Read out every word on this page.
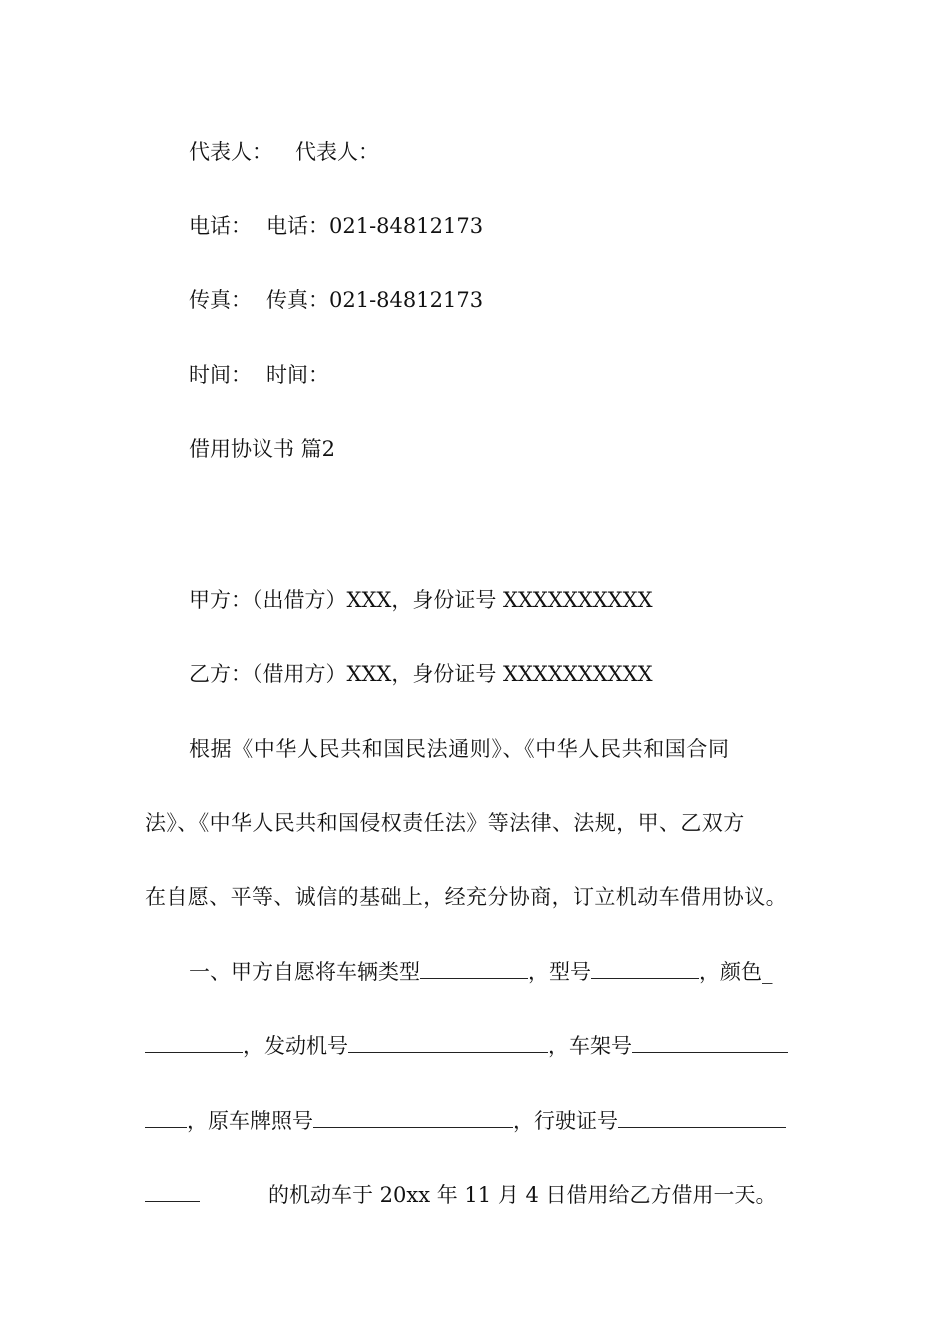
代表人： 代表人：
电话： 电话：021-84812173
传真： 传真：021-84812173
时间： 时间：
借用协议书 篇2
甲方：（出借方）XXX，身份证号 XXXXXXXXXX
乙方：（借用方）XXX，身份证号 XXXXXXXXXX
根据《中华人民共和国民法通则》、《中华人民共和国合同
法》、《中华人民共和国侵权责任法》等法律、法规，甲、乙双方
在自愿、平等、诚信的基础上，经充分协商，订立机动车借用协议。
一、甲方自愿将车辆类型	，型号	，颜色_
，发动机号	，车架号
，原车牌照号	，行驶证号
的机动车于 20xx 年 11 月 4 日借用给乙方借用一天。
